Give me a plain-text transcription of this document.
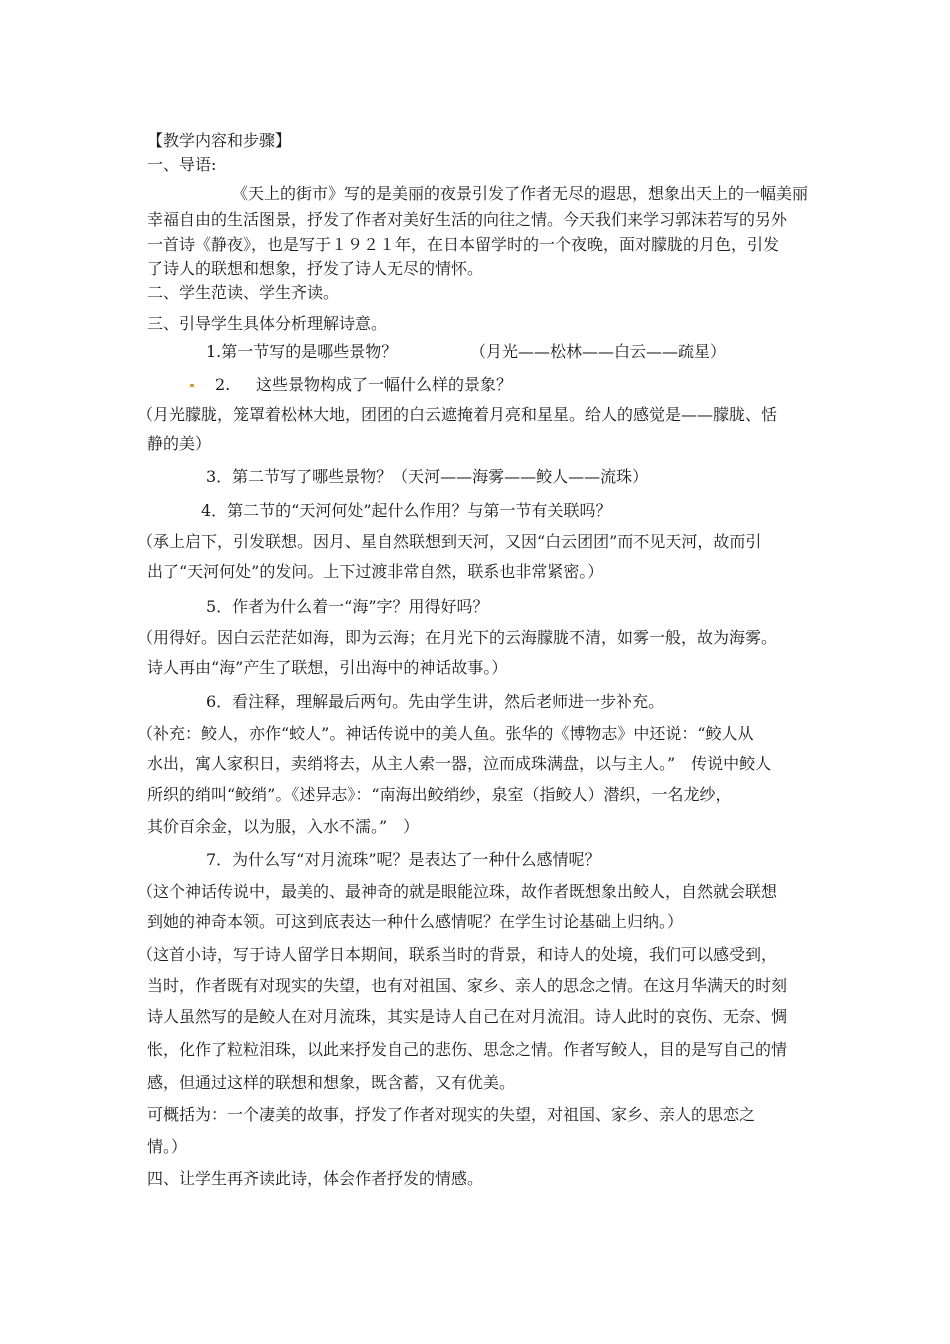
【教学内容和步骤】
一、导语:
《天上的街市》写的是美丽的夜景引发了作者无尽的遐思，想象出天上的一幅美丽
幸福自由的生活图景，抒发了作者对美好生活的向往之情。今天我们来学习郭沫若写的另外
一首诗《静夜》，也是写于１９２１年，在日本留学时的一个夜晚，面对朦胧的月色，引发
了诗人的联想和想象，抒发了诗人无尽的情怀。
二、学生范读、学生齐读。
三、引导学生具体分析理解诗意。
1.第一节写的是哪些景物？	（月光——松林——白云——疏星）
2. 这些景物构成了一幅什么样的景象？
（月光朦胧，笼罩着松林大地，团团的白云遮掩着月亮和星星。给人的感觉是——朦胧、恬
静的美）
3．第二节写了哪些景物？（天河——海雾——鲛人——流珠）
4．第二节的“天河何处”起什么作用？与第一节有关联吗？
（承上启下，引发联想。因月、星自然联想到天河，又因“白云团团”而不见天河，故而引
出了“天河何处”的发问。上下过渡非常自然，联系也非常紧密。）
5．作者为什么着一“海”字？用得好吗？
（用得好。因白云茫茫如海，即为云海；在月光下的云海朦胧不清，如雾一般，故为海雾。
诗人再由“海”产生了联想，引出海中的神话故事。）
6．看注释，理解最后两句。先由学生讲，然后老师进一步补充。
（补充：鲛人，亦作“蛟人”。神话传说中的美人鱼。张华的《博物志》中还说：“鲛人从
水出，寓人家积日，卖绡将去，从主人索一器，泣而成珠满盘，以与主人。”　传说中鲛人
所织的绡叫“鲛绡”。《述异志》：“南海出鲛绡纱，泉室（指鲛人）潜织，一名龙纱，
其价百余金，以为服，入水不濡。”　）
7．为什么写“对月流珠”呢？是表达了一种什么感情呢？
（这个神话传说中，最美的、最神奇的就是眼能泣珠，故作者既想象出鲛人，自然就会联想
到她的神奇本领。可这到底表达一种什么感情呢？在学生讨论基础上归纳。）
（这首小诗，写于诗人留学日本期间，联系当时的背景，和诗人的处境，我们可以感受到，
当时，作者既有对现实的失望，也有对祖国、家乡、亲人的思念之情。在这月华满天的时刻
诗人虽然写的是鲛人在对月流珠，其实是诗人自己在对月流泪。诗人此时的哀伤、无奈、惆
怅，化作了粒粒泪珠，以此来抒发自己的悲伤、思念之情。作者写鲛人，目的是写自己的情
感，但通过这样的联想和想象，既含蓄，又有优美。
可概括为：一个凄美的故事，抒发了作者对现实的失望，对祖国、家乡、亲人的思恋之
情。）
四、让学生再齐读此诗，体会作者抒发的情感。
